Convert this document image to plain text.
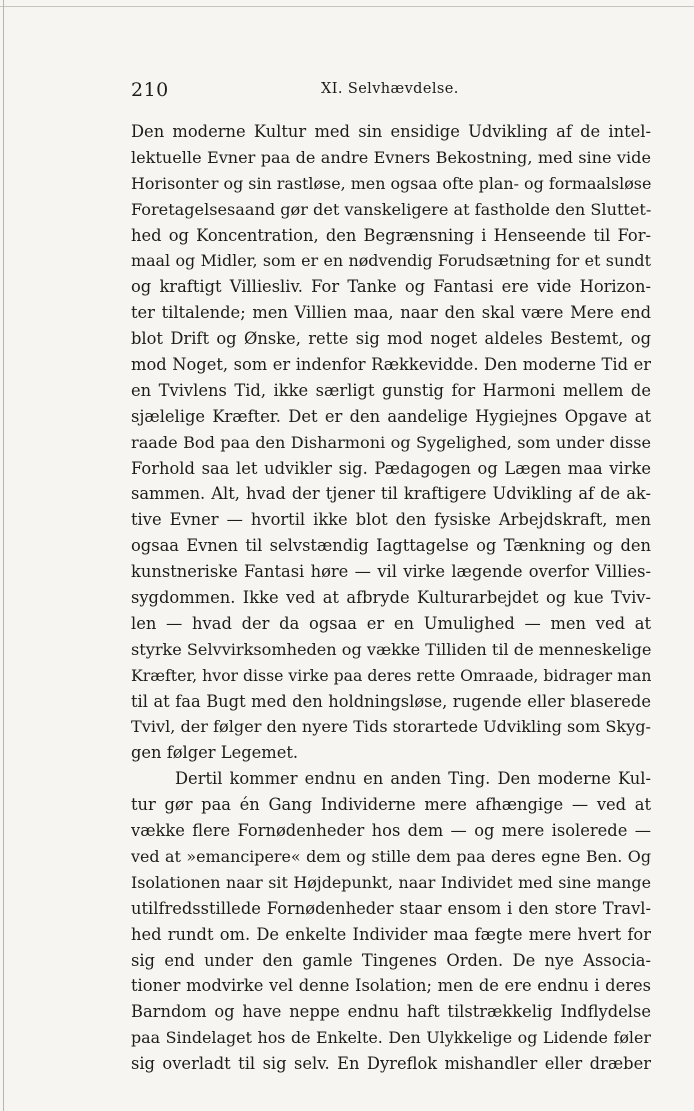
210	XI. Selvhævdelse.
Den moderne Kultur med sin ensidige Udvikling af de intel-
lektuelle Evner paa de andre Evners Bekostning, med sine vide
Horisonter og sin rastløse, men ogsaa ofte plan- og formaalsløse
Foretagelsesaand gør det vanskeligere at fastholde den Sluttet-
hed og Koncentration, den Begrænsning i Henseende til For-
maal og Midler, som er en nødvendig Forudsætning for et sundt
og kraftigt Villiesliv. For Tanke og Fantasi ere vide Horizon-
ter tiltalende; men Villien maa, naar den skal være Mere end
blot Drift og Ønske, rette sig mod noget aldeles Bestemt, og
mod Noget, som er indenfor Rækkevidde. Den moderne Tid er
en Tvivlens Tid, ikke særligt gunstig for Harmoni mellem de
sjælelige Kræfter. Det er den aandelige Hygiejnes Opgave at
raade Bod paa den Disharmoni og Sygelighed, som under disse
Forhold saa let udvikler sig. Pædagogen og Lægen maa virke
sammen. Alt, hvad der tjener til kraftigere Udvikling af de ak-
tive Evner — hvortil ikke blot den fysiske Arbejdskraft, men
ogsaa Evnen til selvstændig Iagttagelse og Tænkning og den
kunstneriske Fantasi høre — vil virke lægende overfor Villies-
sygdommen. Ikke ved at afbryde Kulturarbejdet og kue Tviv-
len — hvad der da ogsaa er en Umulighed — men ved at
styrke Selvvirksomheden og vække Tilliden til de menneskelige
Kræfter, hvor disse virke paa deres rette Omraade, bidrager man
til at faa Bugt med den holdningsløse, rugende eller blaserede
Tvivl, der følger den nyere Tids storartede Udvikling som Skyg-
gen følger Legemet.
Dertil kommer endnu en anden Ting. Den moderne Kul-
tur gør paa én Gang Individerne mere afhængige — ved at
vække flere Fornødenheder hos dem — og mere isolerede —
ved at »emancipere« dem og stille dem paa deres egne Ben. Og
Isolationen naar sit Højdepunkt, naar Individet med sine mange
utilfredsstillede Fornødenheder staar ensom i den store Travl-
hed rundt om. De enkelte Individer maa fægte mere hvert for
sig end under den gamle Tingenes Orden. De nye Associa-
tioner modvirke vel denne Isolation; men de ere endnu i deres
Barndom og have neppe endnu haft tilstrækkelig Indflydelse
paa Sindelaget hos de Enkelte. Den Ulykkelige og Lidende føler
sig overladt til sig selv. En Dyreflok mishandler eller dræber
